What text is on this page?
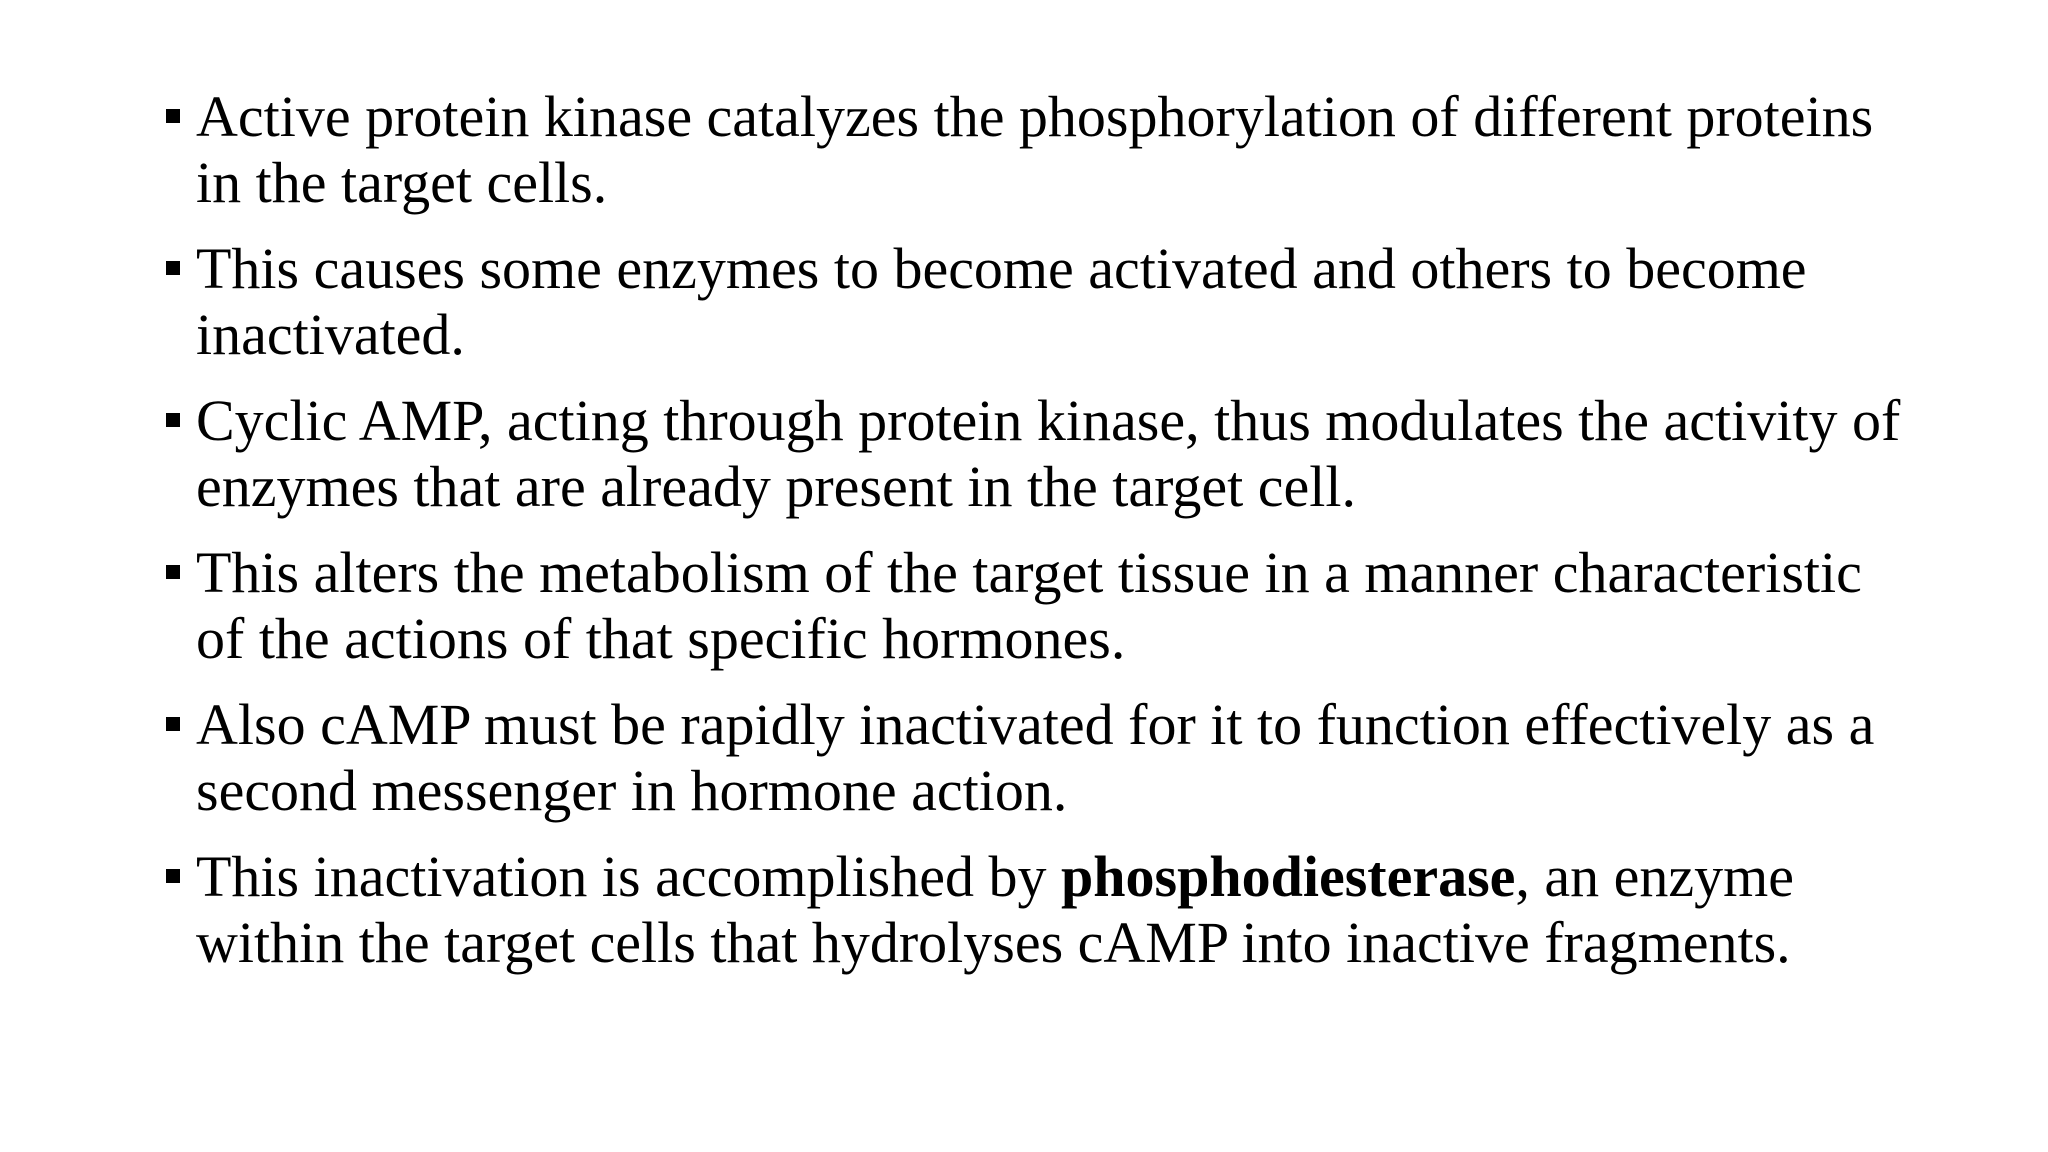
Active protein kinase catalyzes the phosphorylation of different proteins in the target cells.
This causes some enzymes to become activated and others to become inactivated.
Cyclic AMP, acting through protein kinase, thus modulates the activity of enzymes that are already present in the target cell.
This alters the metabolism of the target tissue in a manner characteristic of the actions of that specific hormones.
Also cAMP must be rapidly inactivated for it to function effectively as a second messenger in hormone action.
This inactivation is accomplished by phosphodiesterase, an enzyme within the target cells that hydrolyses cAMP into inactive fragments.
